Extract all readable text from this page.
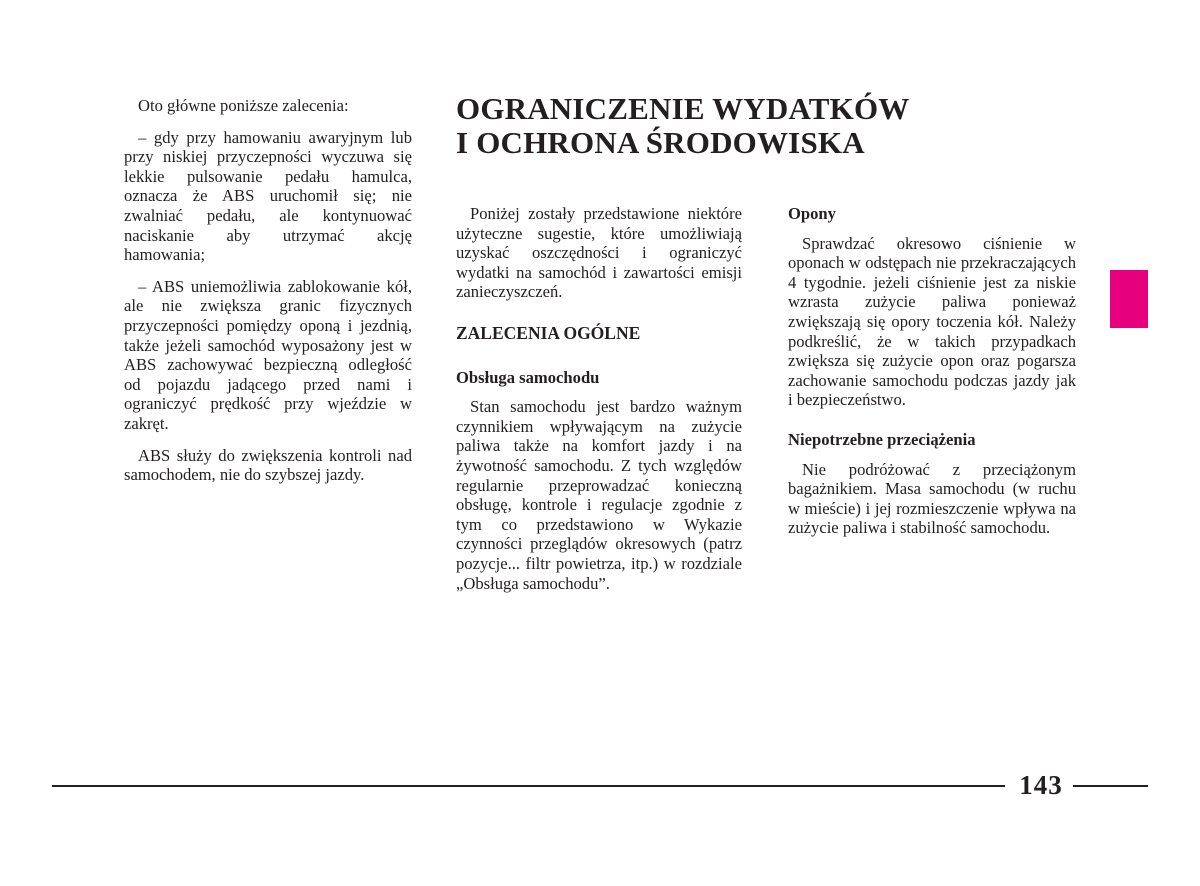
Oto główne poniższe zalecenia:

– gdy przy hamowaniu awaryjnym lub przy niskiej przyczepności wyczuwa się lekkie pulsowanie pedału hamulca, oznacza że ABS uruchomił się; nie zwalniać pedału, ale kontynuować naciskanie aby utrzymać akcję hamowania;

– ABS uniemożliwia zablokowanie kół, ale nie zwiększa granic fizycznych przyczepności pomiędzy oponą i jezdnią, także jeżeli samochód wyposażony jest w ABS zachowywać bezpieczną odległość od pojazdu jadącego przed nami i ograniczyć prędkość przy wjeździe w zakręt.

ABS służy do zwiększenia kontroli nad samochodem, nie do szybszej jazdy.

OGRANICZENIE WYDATKÓW
I OCHRONA ŚRODOWISKA

Poniżej zostały przedstawione niektóre użyteczne sugestie, które umożliwiają uzyskać oszczędności i ograniczyć wydatki na samochód i zawartości emisji zanieczyszczeń.

ZALECENIA OGÓLNE
Obsługa samochodu

Stan samochodu jest bardzo ważnym czynnikiem wpływającym na zużycie paliwa także na komfort jazdy i na żywotność samochodu. Z tych względów regularnie przeprowadzać konieczną obsługę, kontrole i regulacje zgodnie z tym co przedstawiono w Wykazie czynności przeglądów okresowych (patrz pozycje... filtr powietrza, itp.) w rozdziale „Obsługa samochodu”.

Opony

Sprawdzać okresowo ciśnienie w oponach w odstępach nie przekraczających 4 tygodnie. jeżeli ciśnienie jest za niskie wzrasta zużycie paliwa ponieważ zwiększają się opory toczenia kół. Należy podkreślić, że w takich przypadkach zwiększa się zużycie opon oraz pogarsza zachowanie samochodu podczas jazdy jak i bezpieczeństwo.

Niepotrzebne przeciążenia

Nie podróżować z przeciążonym bagażnikiem. Masa samochodu (w ruchu w mieście) i jej rozmieszczenie wpływa na zużycie paliwa i stabilność samochodu.

143
